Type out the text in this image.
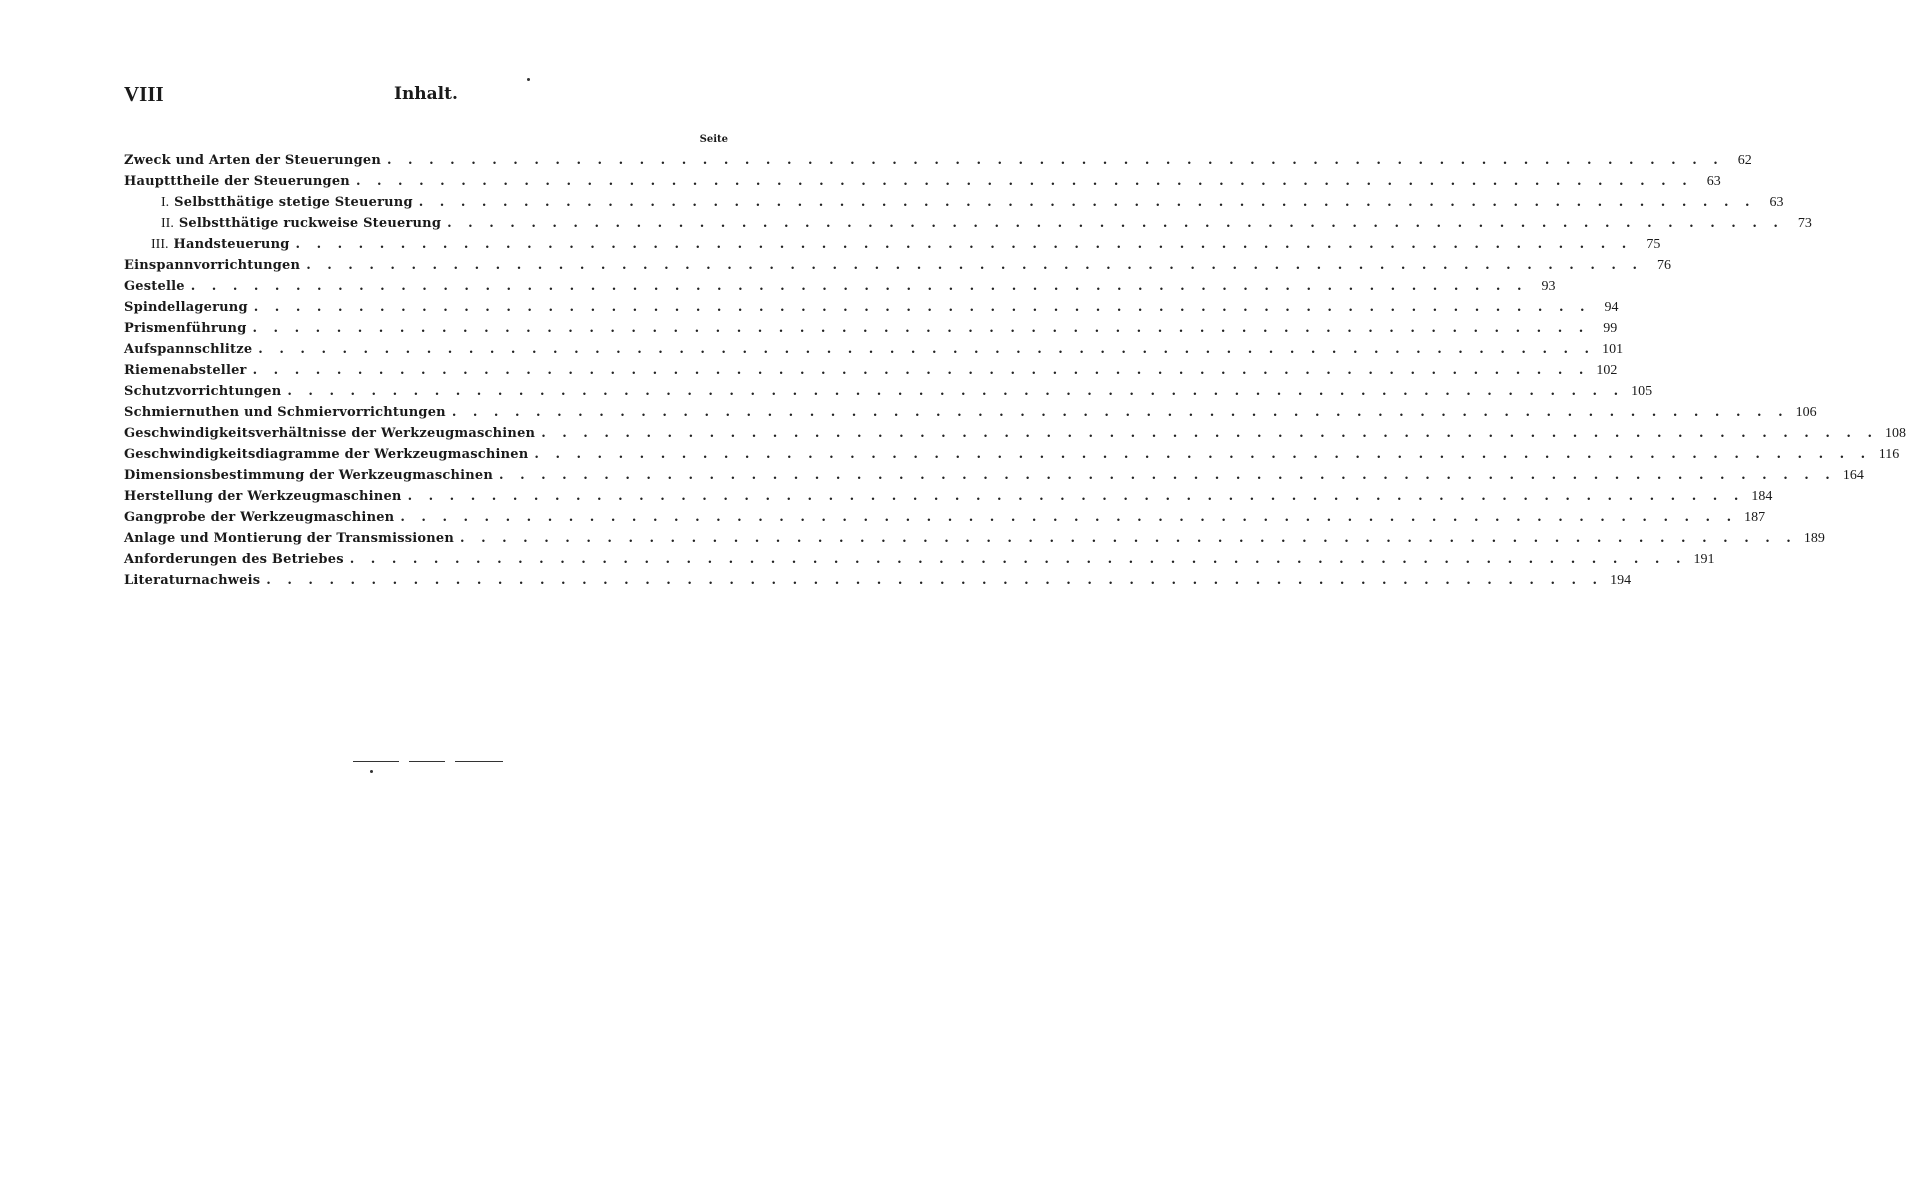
VIII	Inhalt.
Seite
Zweck und Arten der Steuerungen . . . . . . . . . . . . . . . . . . . . . . . . . . . . . . . . . . . . . . . . . . . . . . . . . . . . . . . . . . . . . . . .	62
Hauptttheile der Steuerungen . . . . . . . . . . . . . . . . . . . . . . . . . . . . . . . . . . . . . . . . . . . . . . . . . . . . . . . . . . . . . . . .	63
I. Selbstthätige stetige Steuerung . . . . . . . . . . . . . . . . . . . . . . . . . . . . . . . . . . . . . . . . . . . . . . . . . . . . . . . . . . . . . . . .	63
II. Selbstthätige ruckweise Steuerung . . . . . . . . . . . . . . . . . . . . . . . . . . . . . . . . . . . . . . . . . . . . . . . . . . . . . . . . . . . . . . . .	73
III. Handsteuerung . . . . . . . . . . . . . . . . . . . . . . . . . . . . . . . . . . . . . . . . . . . . . . . . . . . . . . . . . . . . . . . .	75
Einspannvorrichtungen . . . . . . . . . . . . . . . . . . . . . . . . . . . . . . . . . . . . . . . . . . . . . . . . . . . . . . . . . . . . . . . .	76
Gestelle . . . . . . . . . . . . . . . . . . . . . . . . . . . . . . . . . . . . . . . . . . . . . . . . . . . . . . . . . . . . . . . .	93
Spindellagerung . . . . . . . . . . . . . . . . . . . . . . . . . . . . . . . . . . . . . . . . . . . . . . . . . . . . . . . . . . . . . . . .	94
Prismenführung . . . . . . . . . . . . . . . . . . . . . . . . . . . . . . . . . . . . . . . . . . . . . . . . . . . . . . . . . . . . . . . .	99
Aufspannschlitze . . . . . . . . . . . . . . . . . . . . . . . . . . . . . . . . . . . . . . . . . . . . . . . . . . . . . . . . . . . . . . . . 101
Riemenabsteller . . . . . . . . . . . . . . . . . . . . . . . . . . . . . . . . . . . . . . . . . . . . . . . . . . . . . . . . . . . . . . . . 102
Schutzvorrichtungen . . . . . . . . . . . . . . . . . . . . . . . . . . . . . . . . . . . . . . . . . . . . . . . . . . . . . . . . . . . . . . . . 105
Schmiernuthen und Schmiervorrichtungen . . . . . . . . . . . . . . . . . . . . . . . . . . . . . . . . . . . . . . . . . . . . . . . . . . . . . . . . . . . . . . . . 106
Geschwindigkeitsverhältnisse der Werkzeugmaschinen . . . . . . . . . . . . . . . . . . . . . . . . . . . . . . . . . . . . . . . . . . . . . . . . . . . . . . . . . . . . . . . . 108
Geschwindigkeitsdiagramme der Werkzeugmaschinen . . . . . . . . . . . . . . . . . . . . . . . . . . . . . . . . . . . . . . . . . . . . . . . . . . . . . . . . . . . . . . . . 116
Dimensionsbestimmung der Werkzeugmaschinen . . . . . . . . . . . . . . . . . . . . . . . . . . . . . . . . . . . . . . . . . . . . . . . . . . . . . . . . . . . . . . . . 164
Herstellung der Werkzeugmaschinen . . . . . . . . . . . . . . . . . . . . . . . . . . . . . . . . . . . . . . . . . . . . . . . . . . . . . . . . . . . . . . . . 184
Gangprobe der Werkzeugmaschinen . . . . . . . . . . . . . . . . . . . . . . . . . . . . . . . . . . . . . . . . . . . . . . . . . . . . . . . . . . . . . . . . 187
Anlage und Montierung der Transmissionen . . . . . . . . . . . . . . . . . . . . . . . . . . . . . . . . . . . . . . . . . . . . . . . . . . . . . . . . . . . . . . . . 189
Anforderungen des Betriebes . . . . . . . . . . . . . . . . . . . . . . . . . . . . . . . . . . . . . . . . . . . . . . . . . . . . . . . . . . . . . . . . 191
Literaturnachweis . . . . . . . . . . . . . . . . . . . . . . . . . . . . . . . . . . . . . . . . . . . . . . . . . . . . . . . . . . . . . . . . 194
